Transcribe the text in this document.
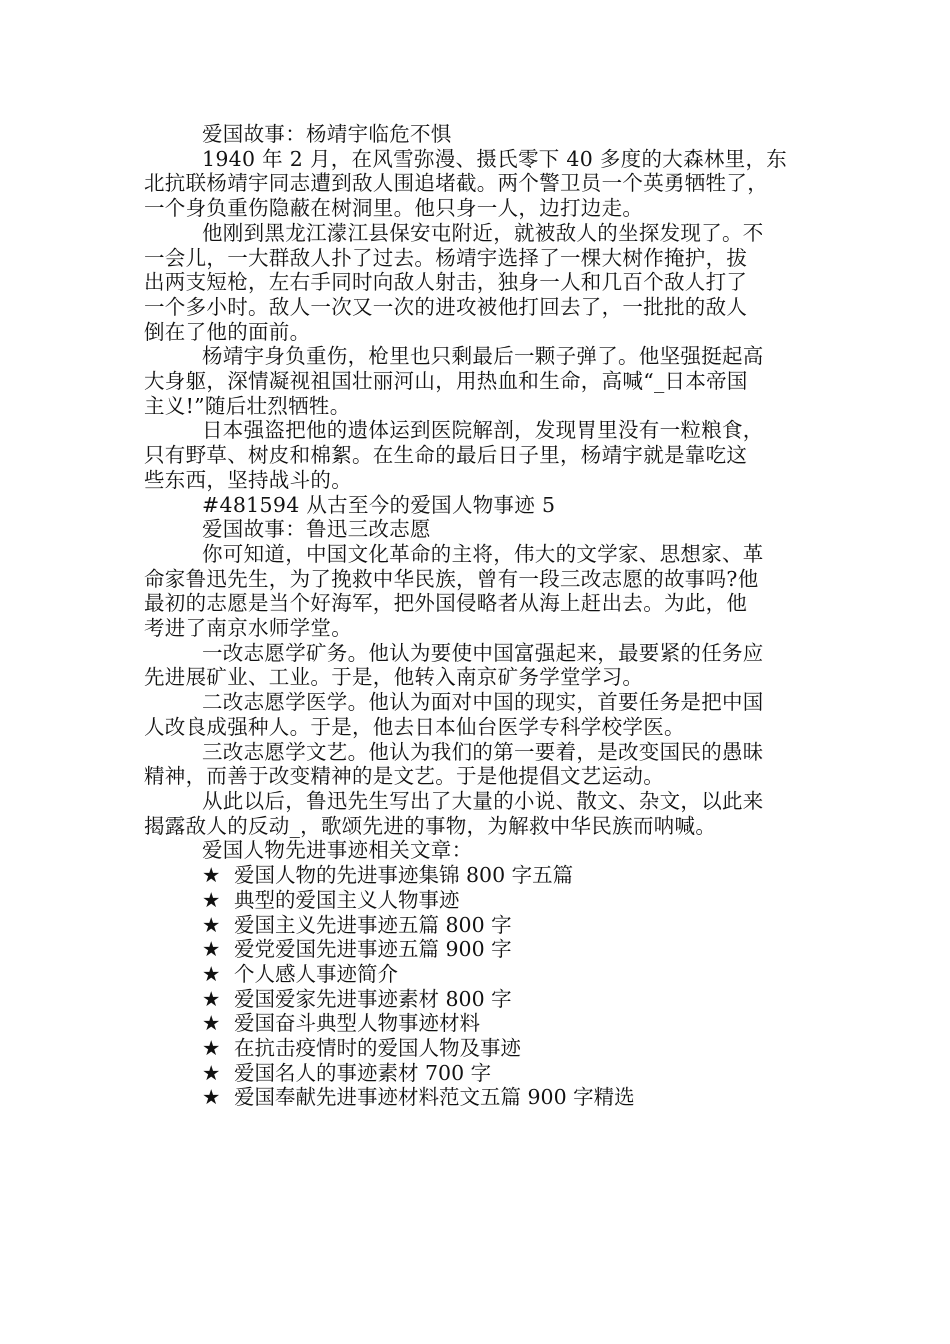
爱国故事：杨靖宇临危不惧
1940 年 2 月，在风雪弥漫、摄氏零下 40 多度的大森林里，东
北抗联杨靖宇同志遭到敌人围追堵截。两个警卫员一个英勇牺牲了，
一个身负重伤隐蔽在树洞里。他只身一人，边打边走。
他刚到黑龙江濛江县保安屯附近，就被敌人的坐探发现了。不
一会儿，一大群敌人扑了过去。杨靖宇选择了一棵大树作掩护，拔
出两支短枪，左右手同时向敌人射击，独身一人和几百个敌人打了
一个多小时。敌人一次又一次的进攻被他打回去了，一批批的敌人
倒在了他的面前。
杨靖宇身负重伤，枪里也只剩最后一颗子弹了。他坚强挺起高
大身躯，深情凝视祖国壮丽河山，用热血和生命，高喊“_日本帝国
主义!”随后壮烈牺牲。
日本强盗把他的遗体运到医院解剖，发现胃里没有一粒粮食，
只有野草、树皮和棉絮。在生命的最后日子里，杨靖宇就是靠吃这
些东西，坚持战斗的。
#481594 从古至今的爱国人物事迹 5
爱国故事：鲁迅三改志愿
你可知道，中国文化革命的主将，伟大的文学家、思想家、革
命家鲁迅先生，为了挽救中华民族，曾有一段三改志愿的故事吗?他
最初的志愿是当个好海军，把外国侵略者从海上赶出去。为此，他
考进了南京水师学堂。
一改志愿学矿务。他认为要使中国富强起来，最要紧的任务应
先进展矿业、工业。于是，他转入南京矿务学堂学习。
二改志愿学医学。他认为面对中国的现实，首要任务是把中国
人改良成强种人。于是，他去日本仙台医学专科学校学医。
三改志愿学文艺。他认为我们的第一要着，是改变国民的愚昧
精神，而善于改变精神的是文艺。于是他提倡文艺运动。
从此以后，鲁迅先生写出了大量的小说、散文、杂文，以此来
揭露敌人的反动_，歌颂先进的事物，为解救中华民族而呐喊。
爱国人物先进事迹相关文章：
★ 爱国人物的先进事迹集锦 800 字五篇
★ 典型的爱国主义人物事迹
★ 爱国主义先进事迹五篇 800 字
★ 爱党爱国先进事迹五篇 900 字
★ 个人感人事迹简介
★ 爱国爱家先进事迹素材 800 字
★ 爱国奋斗典型人物事迹材料
★ 在抗击疫情时的爱国人物及事迹
★ 爱国名人的事迹素材 700 字
★ 爱国奉献先进事迹材料范文五篇 900 字精选
